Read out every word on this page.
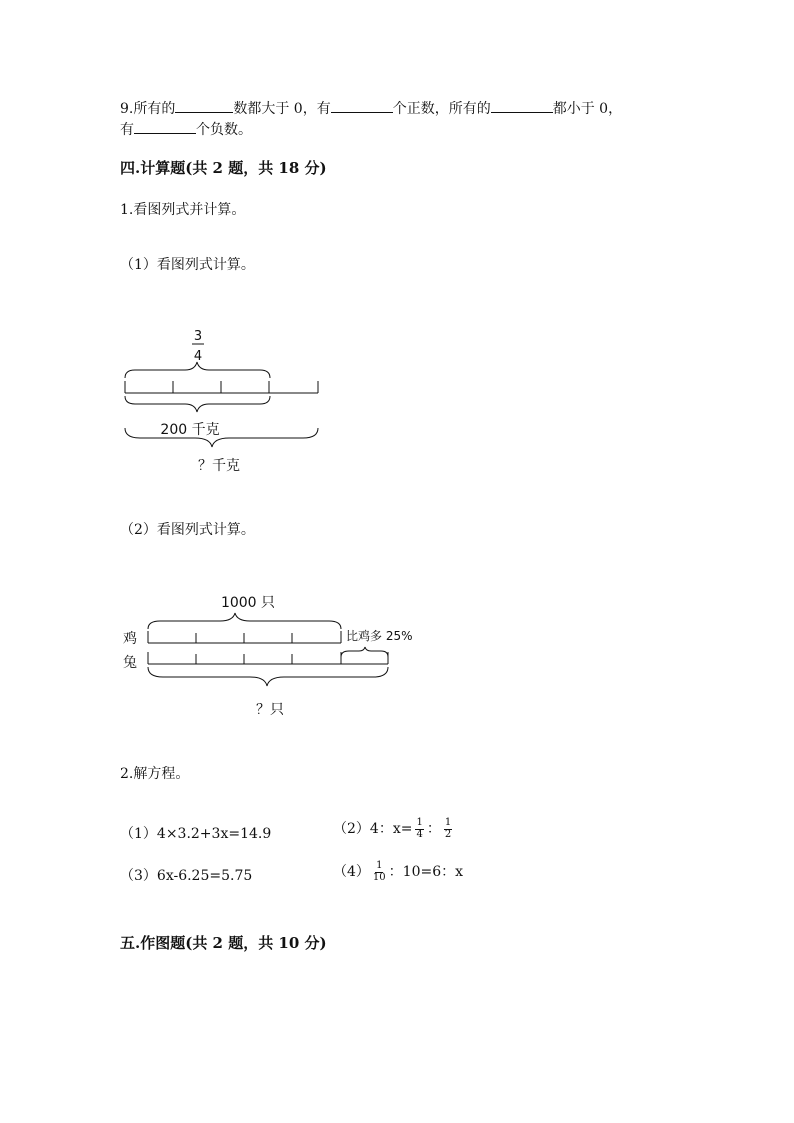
9.所有的	数都大于 0，有	个正数，所有的	都小于 0，
有	个负数。
四.计算题(共 2 题，共 18 分)
1.看图列式并计算。
（1）看图列式计算。
3
4
200 千克
？千克
（2）看图列式计算。
1000 只
鸡
兔
比鸡多 25%
？只
2.解方程。
（1）4×3.2+3x=14.9	（2）4：$x= \frac{1}{4}$ ： $\frac{1}{2}$
（3）6x-6.25=5.75	$(4) \frac{1}{10}$ ：10=6：x
五.作图题(共 2 题，共 10 分)
